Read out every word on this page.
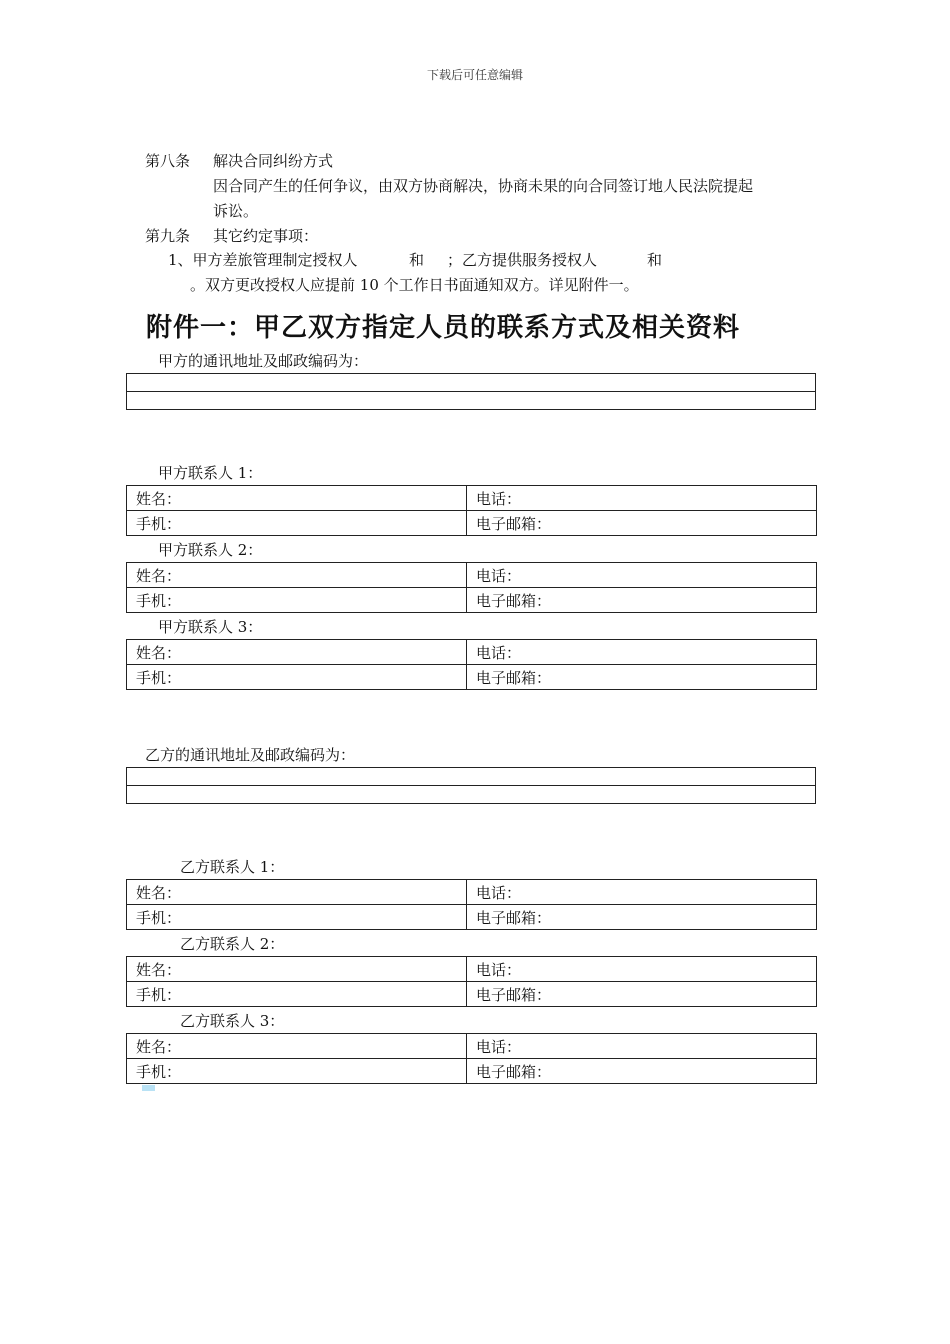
下载后可任意编辑
第八条 解决合同纠纷方式
因合同产生的任何争议，由双方协商解决，协商未果的向合同签订地人民法院提起
诉讼。
第九条 其它约定事项：
1、甲方差旅管理制定授权人	和 ；乙方提供服务授权人	和
。双方更改授权人应提前 10 个工作日书面通知双方。详见附件一。
附件一：甲乙双方指定人员的联系方式及相关资料
甲方的通讯地址及邮政编码为：

甲方联系人 1：
姓名：	电话：
手机：	电子邮箱：
甲方联系人 2：
姓名：	电话：
手机：	电子邮箱：
甲方联系人 3：
姓名：	电话：
手机：	电子邮箱：
乙方的通讯地址及邮政编码为：

乙方联系人 1：
姓名：	电话：
手机：	电子邮箱：
乙方联系人 2：
姓名：	电话：
手机：	电子邮箱：
乙方联系人 3：
姓名：	电话：
手机：	电子邮箱：
